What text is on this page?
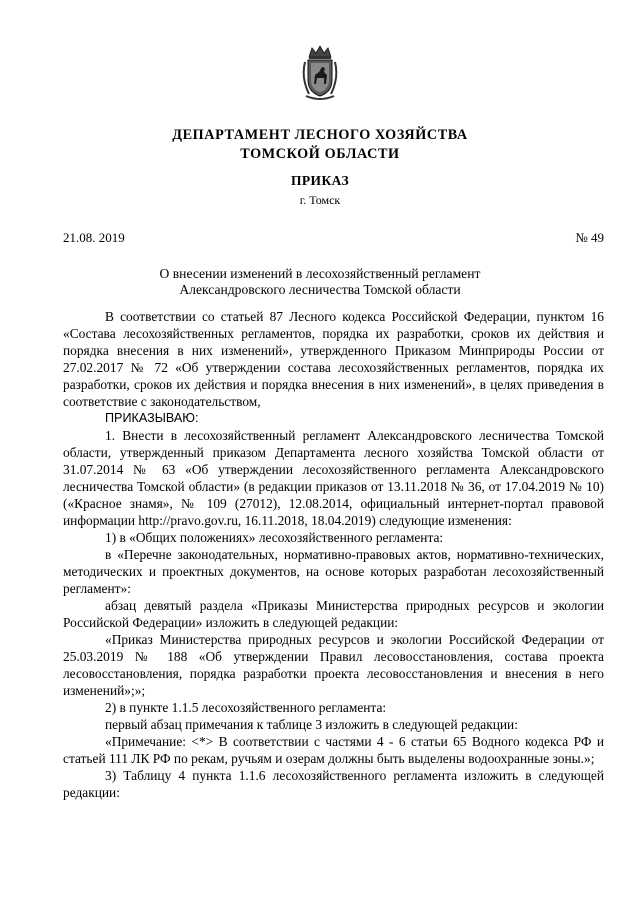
ДЕПАРТАМЕНТ ЛЕСНОГО ХОЗЯЙСТВА
ТОМСКОЙ ОБЛАСТИ
ПРИКАЗ
г. Томск
21.08. 2019	№ 49
О внесении изменений в лесохозяйственный регламент
Александровского лесничества Томской области

В соответствии со статьей 87 Лесного кодекса Российской Федерации, пунктом 16 «Состава лесохозяйственных регламентов, порядка их разработки, сроков их действия и порядка внесения в них изменений», утвержденного Приказом Минприроды России от 27.02.2017 № 72 «Об утверждении состава лесохозяйственных регламентов, порядка их разработки, сроков их действия и порядка внесения в них изменений», в целях приведения в соответствие с законодательством,

ПРИКАЗЫВАЮ:

1. Внести в лесохозяйственный регламент Александровского лесничества Томской области, утвержденный приказом Департамента лесного хозяйства Томской области от 31.07.2014 № 63 «Об утверждении лесохозяйственного регламента Александровского лесничества Томской области» (в редакции приказов от 13.11.2018 № 36, от 17.04.2019 № 10) («Красное знамя», № 109 (27012), 12.08.2014, официальный интернет-портал правовой информации http://pravo.gov.ru, 16.11.2018, 18.04.2019) следующие изменения:

1) в «Общих положениях» лесохозяйственного регламента:

в «Перечне законодательных, нормативно-правовых актов, нормативно-технических, методических и проектных документов, на основе которых разработан лесохозяйственный регламент»:

абзац девятый раздела «Приказы Министерства природных ресурсов и экологии Российской Федерации» изложить в следующей редакции:

«Приказ Министерства природных ресурсов и экологии Российской Федерации от 25.03.2019 № 188 «Об утверждении Правил лесовосстановления, состава проекта лесовосстановления, порядка разработки проекта лесовосстановления и внесения в него изменений»;»;

2) в пункте 1.1.5 лесохозяйственного регламента:

первый абзац примечания к таблице 3 изложить в следующей редакции:

«Примечание: <*> В соответствии с частями 4 - 6 статьи 65 Водного кодекса РФ и статьей 111 ЛК РФ по рекам, ручьям и озерам должны быть выделены водоохранные зоны.»;

3) Таблицу 4 пункта 1.1.6 лесохозяйственного регламента изложить в следующей редакции:
